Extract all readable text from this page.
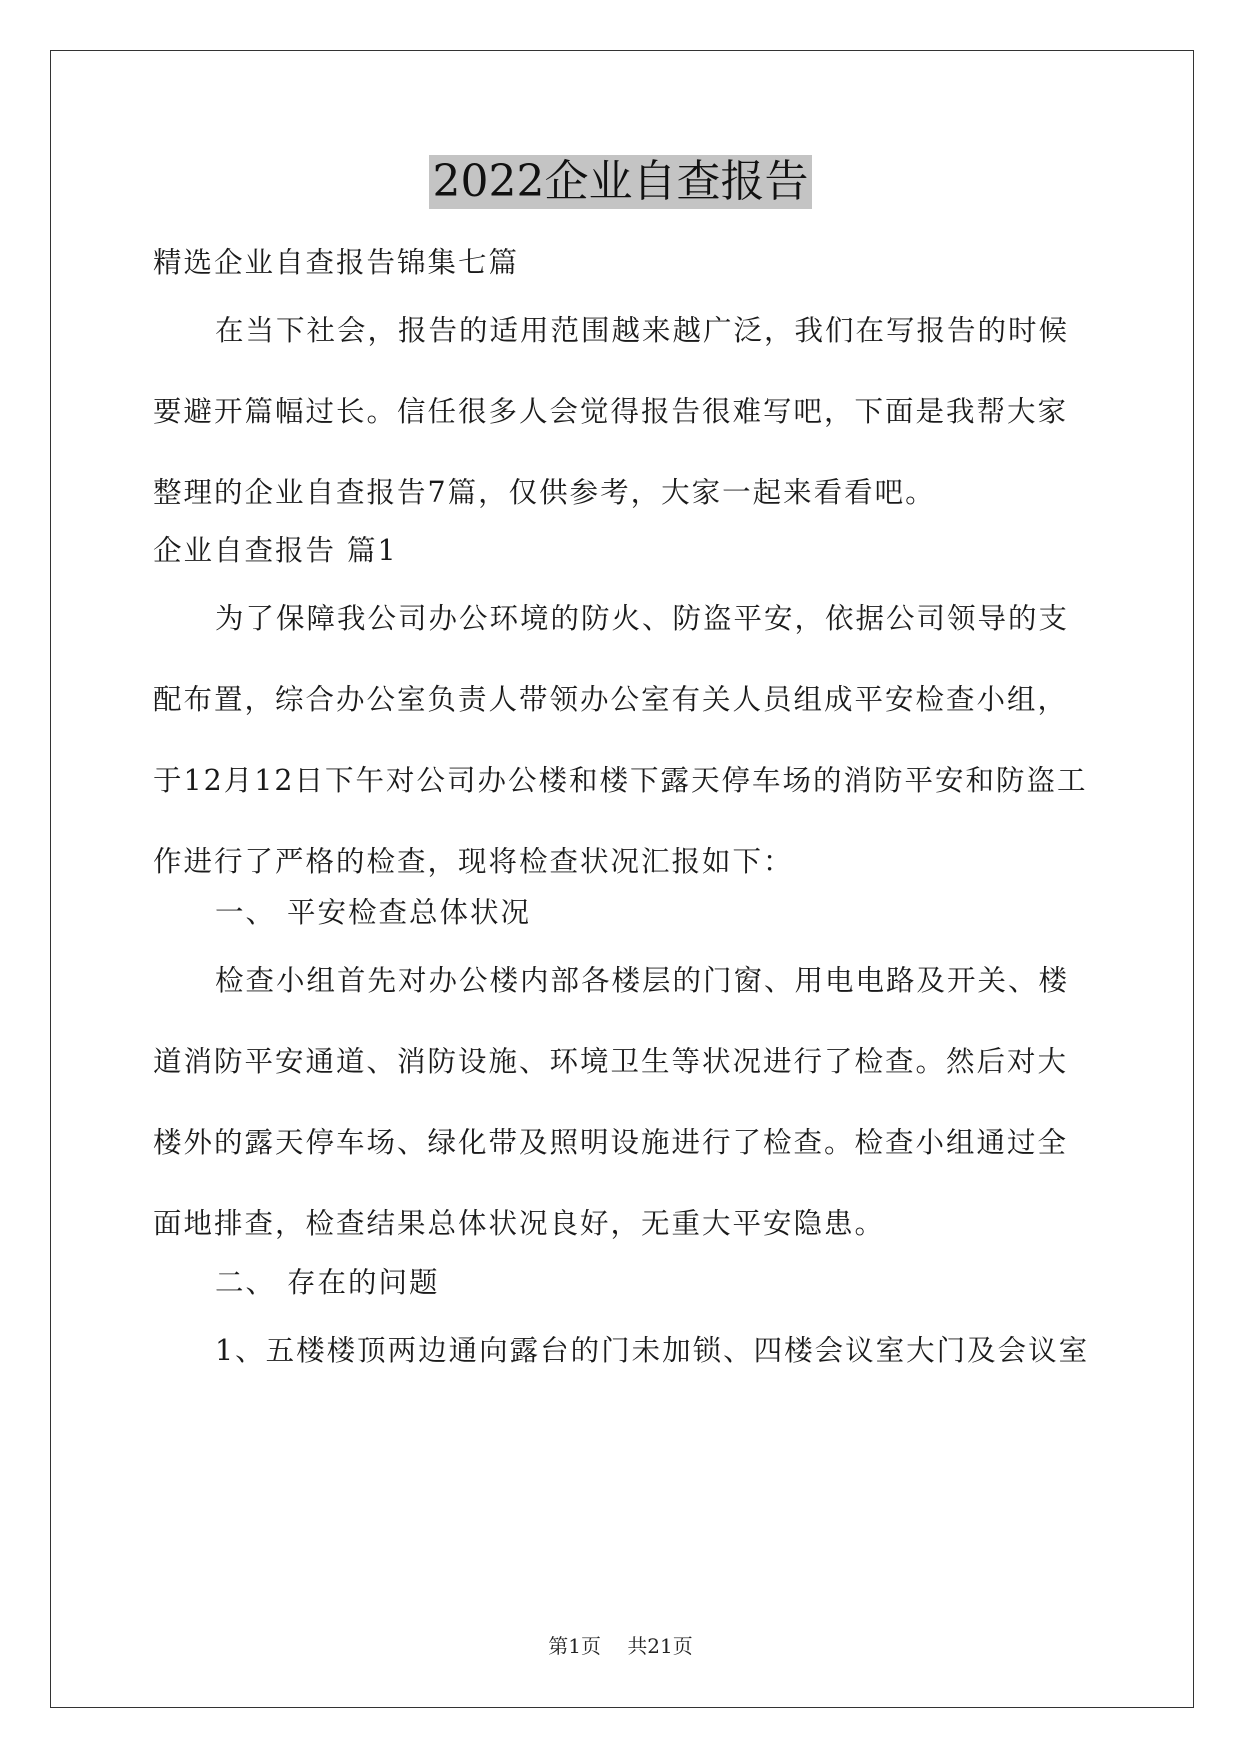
2022企业自查报告

精选企业自查报告锦集七篇

在当下社会，报告的适用范围越来越广泛，我们在写报告的时候要避开篇幅过长。信任很多人会觉得报告很难写吧，下面是我帮大家整理的企业自查报告7篇，仅供参考，大家一起来看看吧。

企业自查报告 篇1

为了保障我公司办公环境的防火、防盗平安，依据公司领导的支配布置，综合办公室负责人带领办公室有关人员组成平安检查小组，于12月12日下午对公司办公楼和楼下露天停车场的消防平安和防盗工作进行了严格的检查，现将检查状况汇报如下：

一、 平安检查总体状况

检查小组首先对办公楼内部各楼层的门窗、用电电路及开关、楼道消防平安通道、消防设施、环境卫生等状况进行了检查。然后对大楼外的露天停车场、绿化带及照明设施进行了检查。检查小组通过全面地排查，检查结果总体状况良好，无重大平安隐患。

二、 存在的问题

1、五楼楼顶两边通向露台的门未加锁、四楼会议室大门及会议室

第1页 共21页
